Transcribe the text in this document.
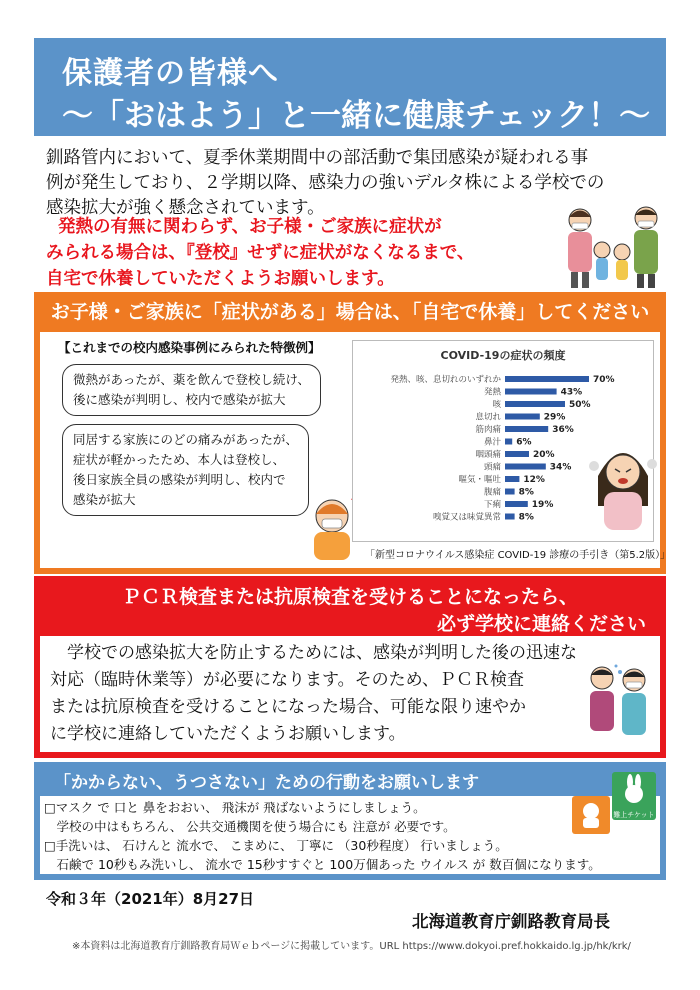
保護者の皆様へ
～「おはよう」と一緒に健康チェック！～
釧路管内において、夏季休業期間中の部活動で集団感染が疑われる事
例が発生しており、２学期以降、感染力の強いデルタ株による学校での
感染拡大が強く懸念されています。
発熱の有無に関わらず、お子様・ご家族に症状が
みられる場合は、『登校』せずに症状がなくなるまで、
自宅で休養していただくようお願いします。
お子様・ご家族に「症状がある」場合は、「自宅で休養」してください
【これまでの校内感染事例にみられた特徴例】
微熱があったが、薬を飲んで登校し続け、
後に感染が判明し、校内で感染が拡大
同居する家族にのどの痛みがあったが、
症状が軽かったため、本人は登校し、
後日家族全員の感染が判明し、校内で
感染が拡大
COVID-19の症状の頻度
発熱、咳、息切れのいずれか	70%
発熱	43%
咳	50%
息切れ	29%
筋肉痛	36%
鼻汁 6%
咽頭痛	20%
頭痛	34%
嘔気・嘔吐 12%
腹痛 8%
下痢	19%
嗅覚又は味覚異常 8%
「新型コロナウイルス感染症 COVID-19 診療の手引き（第5.2版）」
ＰＣＲ検査または抗原検査を受けることになったら、
必ず学校に連絡ください
　学校での感染拡大を防止するためには、感染が判明した後の迅速な
対応（臨時休業等）が必要になります。そのため、ＰＣＲ検査
または抗原検査を受けることになった場合、可能な限り速やか
に学校に連絡していただくようお願いします。
「かからない、うつさない」ための行動をお願いします
□マスク で 口と 鼻をおおい、 飛沫が 飛ばないようにしましょう。
　学校の中はもちろん、 公共交通機関を使う場合にも 注意が 必要です。
□手洗いは、 石けんと 流水で、 こまめに、 丁寧に （30秒程度） 行いましょう。
　石鹸で 10秒もみ洗いし、 流水で 15秒すすぐと 100万個あった ウイルス が 数百個になります。
難上チケット
令和３年（2021年）8月27日
北海道教育庁釧路教育局長
※本資料は北海道教育庁釧路教育局Ｗｅｂページに掲載しています。URL https://www.dokyoi.pref.hokkaido.lg.jp/hk/krk/
